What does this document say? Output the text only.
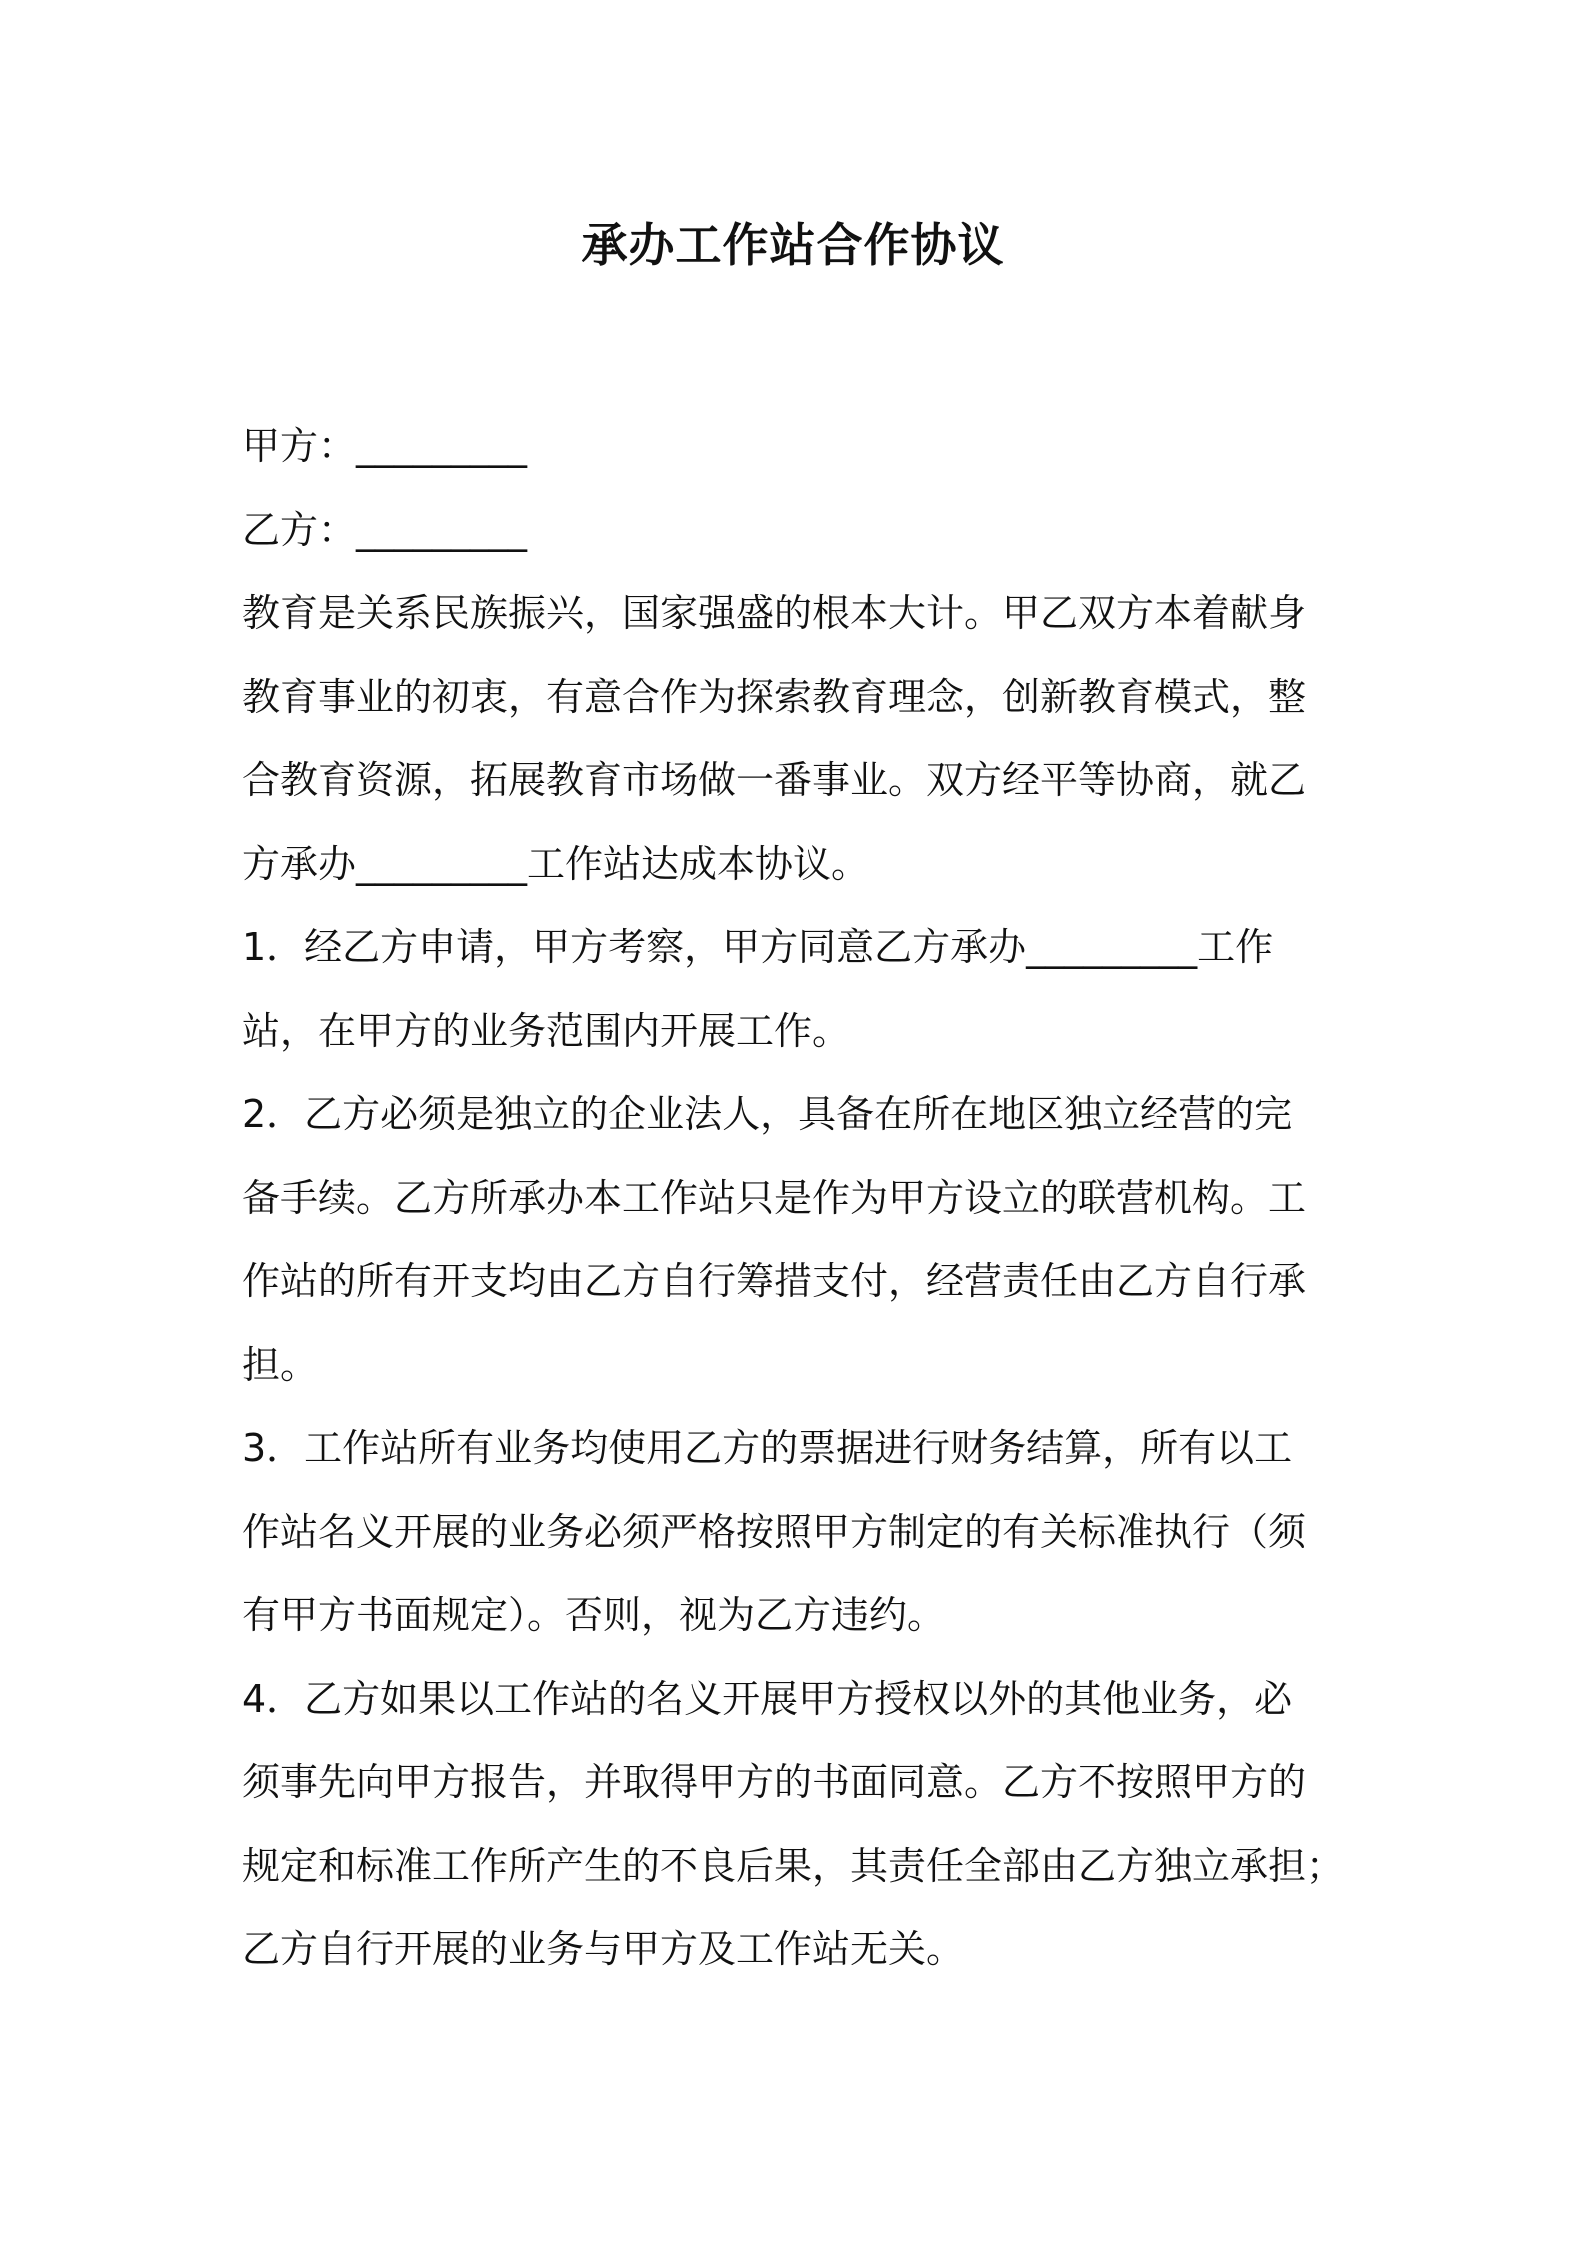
承办工作站合作协议
甲方：_________
乙方：_________
教育是关系民族振兴，国家强盛的根本大计。甲乙双方本着献身
教育事业的初衷，有意合作为探索教育理念，创新教育模式，整
合教育资源，拓展教育市场做一番事业。双方经平等协商，就乙
方承办_________工作站达成本协议。
1．经乙方申请，甲方考察，甲方同意乙方承办_________工作
站，在甲方的业务范围内开展工作。
2．乙方必须是独立的企业法人，具备在所在地区独立经营的完
备手续。乙方所承办本工作站只是作为甲方设立的联营机构。工
作站的所有开支均由乙方自行筹措支付，经营责任由乙方自行承
担。
3．工作站所有业务均使用乙方的票据进行财务结算，所有以工
作站名义开展的业务必须严格按照甲方制定的有关标准执行（须
有甲方书面规定）。否则，视为乙方违约。
4．乙方如果以工作站的名义开展甲方授权以外的其他业务，必
须事先向甲方报告，并取得甲方的书面同意。乙方不按照甲方的
规定和标准工作所产生的不良后果，其责任全部由乙方独立承担；
乙方自行开展的业务与甲方及工作站无关。
